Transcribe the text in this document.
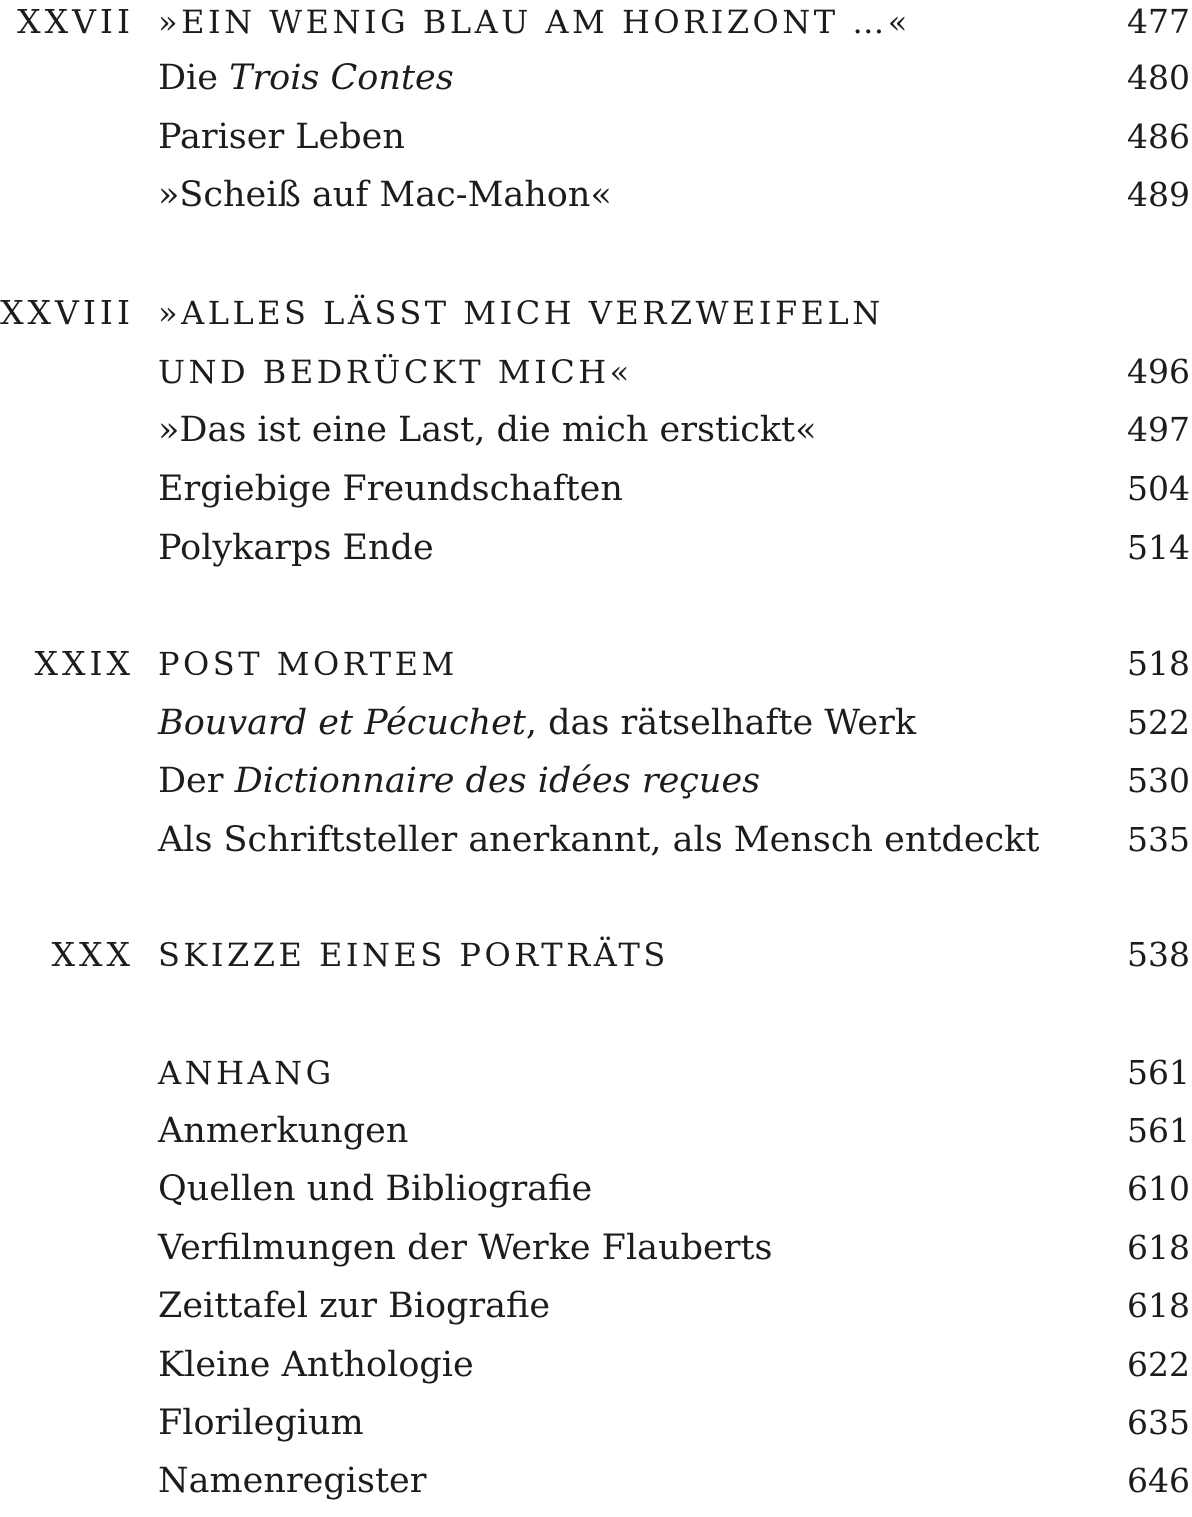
XXVII »EIN WENIG BLAU AM HORIZONT …«	477
Die Trois Contes	480
Pariser Leben	486
»Scheiß auf Mac-Mahon«	489
XXVIII »ALLES LÄSST MICH VERZWEIFELN
UND BEDRÜCKT MICH«	496
»Das ist eine Last, die mich erstickt«	497
Ergiebige Freundschaften	504
Polykarps Ende	514
XXIX POST MORTEM	518
Bouvard et Pécuchet, das rätselhafte Werk	522
Der Dictionnaire des idées reçues	530
Als Schriftsteller anerkannt, als Mensch entdeckt	535
XXX SKIZZE EINES PORTRÄTS	538
ANHANG	561
Anmerkungen	561
Quellen und Bibliografie	610
Verfilmungen der Werke Flauberts	618
Zeittafel zur Biografie	618
Kleine Anthologie	622
Florilegium	635
Namenregister	646
